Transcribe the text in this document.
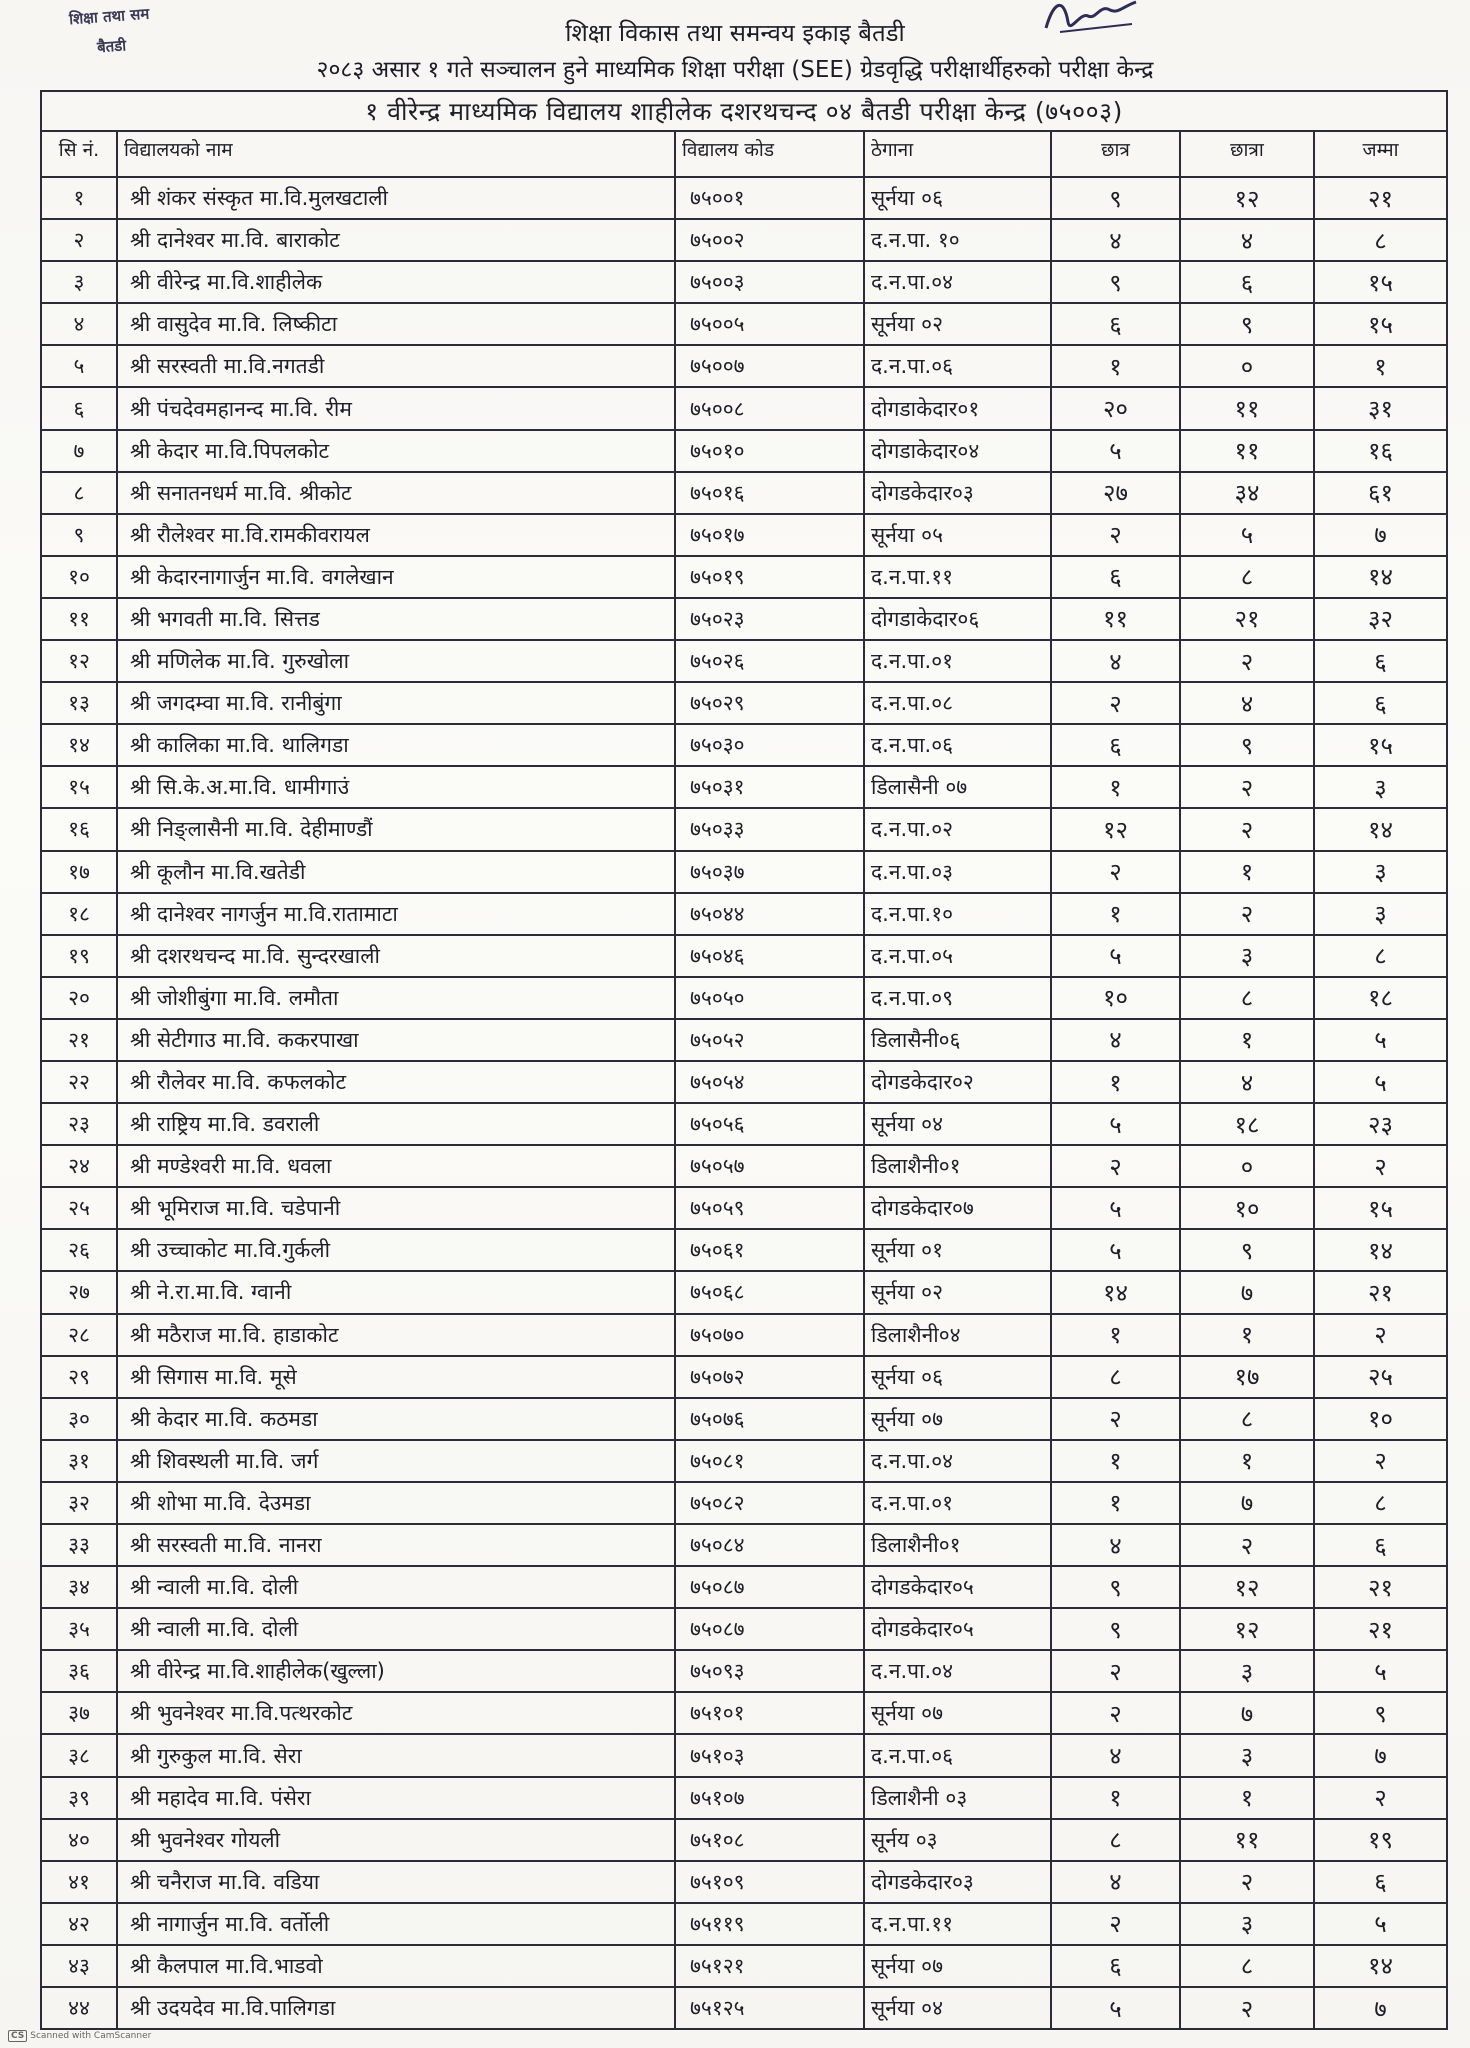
शिक्षा तथा सम
बैतडी	शिक्षा विकास तथा समन्वय इकाइ बैतडी
२०८३ असार १ गते सञ्चालन हुने माध्यमिक शिक्षा परीक्षा (SEE) ग्रेडवृद्धि परीक्षार्थीहरुको परीक्षा केन्द्र
१ वीरेन्द्र माध्यमिक विद्यालय शाहीलेक दशरथचन्द ०४ बैतडी परीक्षा केन्द्र (७५००३)						
सि नं.	विद्यालयको नाम	विद्यालय कोड	ठेगाना	छात्र	छात्रा	जम्मा
१	श्री शंकर संस्कृत मा.वि.मुलखटाली	७५००१	सूर्नया ०६	९	१२	२१
२	श्री दानेश्वर मा.वि. बाराकोट	७५००२	द.न.पा. १०	४	४	८
३	श्री वीरेन्द्र मा.वि.शाहीलेक	७५००३	द.न.पा.०४	९	६	१५
४	श्री वासुदेव मा.वि. लिष्कीटा	७५००५	सूर्नया ०२	६	९	१५
५	श्री सरस्वती मा.वि.नगतडी	७५००७	द.न.पा.०६	१	०	१
६	श्री पंचदेवमहानन्द मा.वि. रीम	७५००८	दोगडाकेदार०१	२०	११	३१
७	श्री केदार मा.वि.पिपलकोट	७५०१०	दोगडाकेदार०४	५	११	१६
८	श्री सनातनधर्म मा.वि. श्रीकोट	७५०१६	दोगडकेदार०३	२७	३४	६१
९	श्री रौलेश्वर मा.वि.रामकीवरायल	७५०१७	सूर्नया ०५	२	५	७
१०	श्री केदारनागार्जुन मा.वि. वगलेखान	७५०१९	द.न.पा.११	६	८	१४
११	श्री भगवती मा.वि. सित्तड	७५०२३	दोगडाकेदार०६	११	२१	३२
१२	श्री मणिलेक मा.वि. गुरुखोला	७५०२६	द.न.पा.०१	४	२	६
१३	श्री जगदम्वा मा.वि. रानीबुंगा	७५०२९	द.न.पा.०८	२	४	६
१४	श्री कालिका मा.वि. थालिगडा	७५०३०	द.न.पा.०६	६	९	१५
१५	श्री सि.के.अ.मा.वि. धामीगाउं	७५०३१	डिलासैनी ०७	१	२	३
१६	श्री निङ्लासैनी मा.वि. देहीमाण्डौं	७५०३३	द.न.पा.०२	१२	२	१४
१७	श्री कूलौन मा.वि.खतेडी	७५०३७	द.न.पा.०३	२	१	३
१८	श्री दानेश्वर नागर्जुन मा.वि.रातामाटा	७५०४४	द.न.पा.१०	१	२	३
१९	श्री दशरथचन्द मा.वि. सुन्दरखाली	७५०४६	द.न.पा.०५	५	३	८
२०	श्री जोशीबुंगा मा.वि. लमौता	७५०५०	द.न.पा.०९	१०	८	१८
२१	श्री सेटीगाउ मा.वि. ककरपाखा	७५०५२	डिलासैनी०६	४	१	५
२२	श्री रौलेवर मा.वि. कफलकोट	७५०५४	दोगडकेदार०२	१	४	५
२३	श्री राष्ट्रिय मा.वि. डवराली	७५०५६	सूर्नया ०४	५	१८	२३
२४	श्री मण्डेश्वरी मा.वि. धवला	७५०५७	डिलाशैनी०१	२	०	२
२५	श्री भूमिराज मा.वि. चडेपानी	७५०५९	दोगडकेदार०७	५	१०	१५
२६	श्री उच्चाकोट मा.वि.गुर्कली	७५०६१	सूर्नया ०१	५	९	१४
२७	श्री ने.रा.मा.वि. ग्वानी	७५०६८	सूर्नया ०२	१४	७	२१
२८	श्री मठैराज मा.वि. हाडाकोट	७५०७०	डिलाशैनी०४	१	१	२
२९	श्री सिगास मा.वि. मूसे	७५०७२	सूर्नया ०६	८	१७	२५
३०	श्री केदार मा.वि. कठमडा	७५०७६	सूर्नया ०७	२	८	१०
३१	श्री शिवस्थली मा.वि. जर्ग	७५०८१	द.न.पा.०४	१	१	२
३२	श्री शोभा मा.वि. देउमडा	७५०८२	द.न.पा.०१	१	७	८
३३	श्री सरस्वती मा.वि. नानरा	७५०८४	डिलाशैनी०१	४	२	६
३४	श्री न्वाली मा.वि. दोली	७५०८७	दोगडकेदार०५	९	१२	२१
३५	श्री न्वाली मा.वि. दोली	७५०८७	दोगडकेदार०५	९	१२	२१
३६	श्री वीरेन्द्र मा.वि.शाहीलेक(खुल्ला)	७५०९३	द.न.पा.०४	२	३	५
३७	श्री भुवनेश्वर मा.वि.पत्थरकोट	७५१०१	सूर्नया ०७	२	७	९
३८	श्री गुरुकुल मा.वि. सेरा	७५१०३	द.न.पा.०६	४	३	७
३९	श्री महादेव मा.वि. पंसेरा	७५१०७	डिलाशैनी ०३	१	१	२
४०	श्री भुवनेश्वर गोयली	७५१०८	सूर्नय ०३	८	११	१९
४१	श्री चनैराज मा.वि. वडिया	७५१०९	दोगडकेदार०३	४	२	६
४२	श्री नागार्जुन मा.वि. वर्तोली	७५११९	द.न.पा.११	२	३	५
४३	श्री कैलपाल मा.वि.भाडवो	७५१२१	सूर्नया ०७	६	८	१४
४४	श्री उदयदेव मा.वि.पालिगडा	७५१२५	सूर्नया ०४	५	२	७
CS Scanned with CamScanner
